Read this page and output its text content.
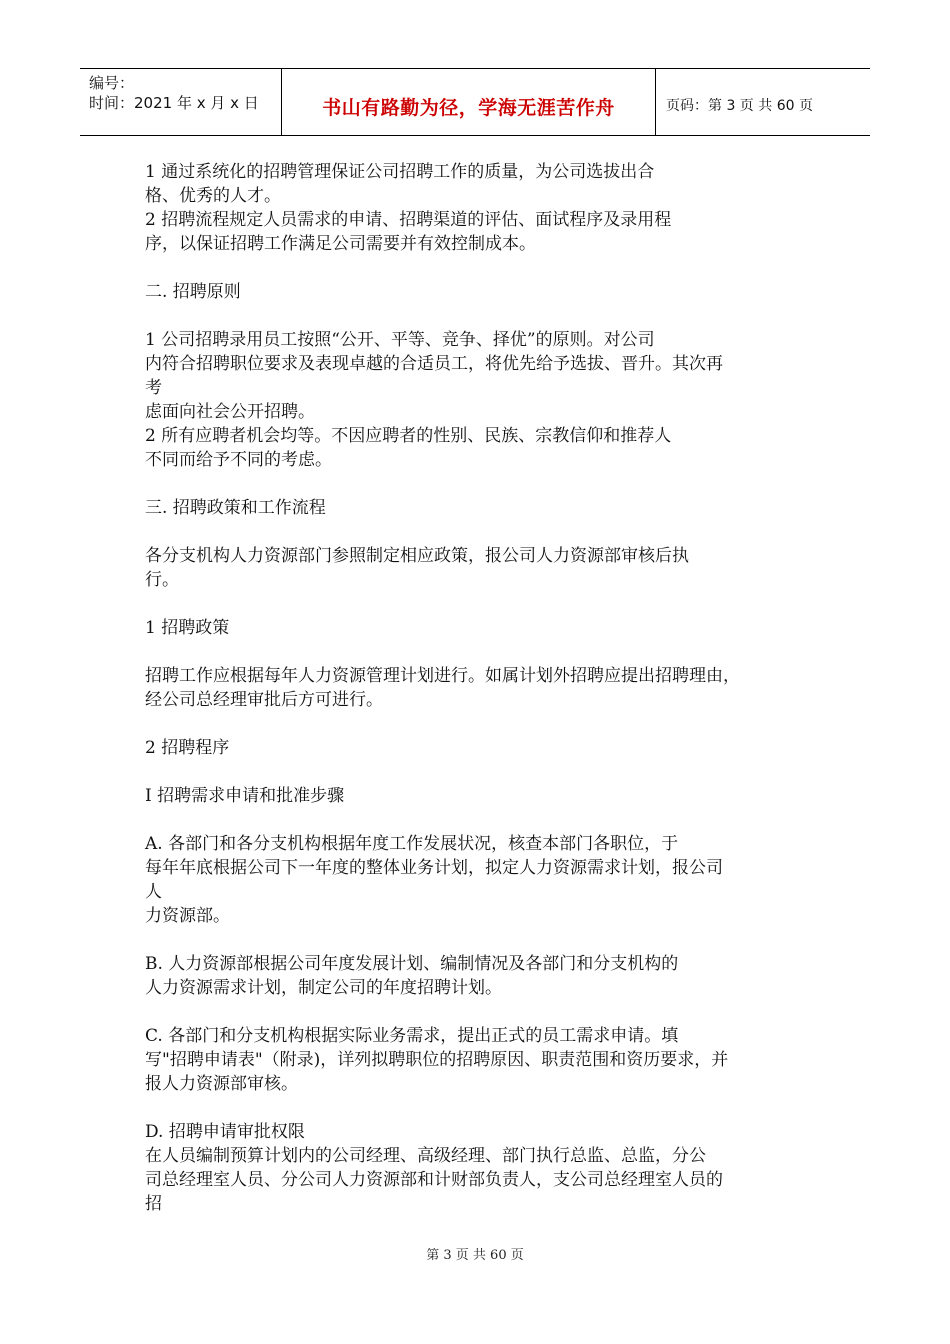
编号：
时间：2021 年 x 月 x 日	书山有路勤为径，学海无涯苦作舟	页码：第 3 页 共 60 页

1 通过系统化的招聘管理保证公司招聘工作的质量，为公司选拔出合

格、优秀的人才。

2 招聘流程规定人员需求的申请、招聘渠道的评估、面试程序及录用程

序，以保证招聘工作满足公司需要并有效控制成本。

二. 招聘原则

1 公司招聘录用员工按照“公开、平等、竞争、择优”的原则。对公司

内符合招聘职位要求及表现卓越的合适员工，将优先给予选拔、晋升。其次再

考

虑面向社会公开招聘。

2 所有应聘者机会均等。不因应聘者的性别、民族、宗教信仰和推荐人

不同而给予不同的考虑。

三. 招聘政策和工作流程

各分支机构人力资源部门参照制定相应政策，报公司人力资源部审核后执

行。

1 招聘政策

招聘工作应根据每年人力资源管理计划进行。如属计划外招聘应提出招聘理由，

经公司总经理审批后方可进行。

2 招聘程序

I 招聘需求申请和批准步骤

A. 各部门和各分支机构根据年度工作发展状况，核查本部门各职位，于

每年年底根据公司下一年度的整体业务计划，拟定人力资源需求计划，报公司

人

力资源部。

B. 人力资源部根据公司年度发展计划、编制情况及各部门和分支机构的

人力资源需求计划，制定公司的年度招聘计划。

C. 各部门和分支机构根据实际业务需求，提出正式的员工需求申请。填

写"招聘申请表"（附录)，详列拟聘职位的招聘原因、职责范围和资历要求，并

报人力资源部审核。

D. 招聘申请审批权限

在人员编制预算计划内的公司经理、高级经理、部门执行总监、总监，分公

司总经理室人员、分公司人力资源部和计财部负责人，支公司总经理室人员的

招

第 3 页 共 60 页
